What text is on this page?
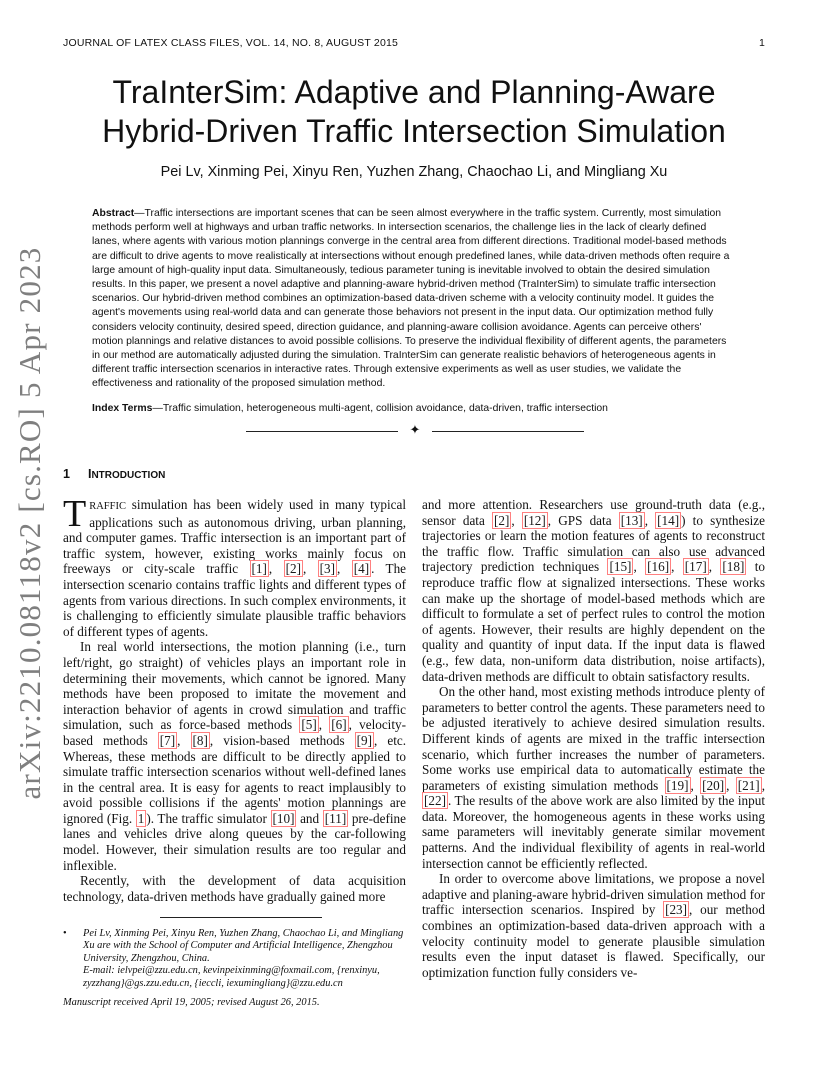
JOURNAL OF LATEX CLASS FILES, VOL. 14, NO. 8, AUGUST 2015	1
arXiv:2210.08118v2 [cs.RO] 5 Apr 2023
TraInterSim: Adaptive and Planning-Aware
Hybrid-Driven Traffic Intersection Simulation
Pei Lv, Xinming Pei, Xinyu Ren, Yuzhen Zhang, Chaochao Li, and Mingliang Xu
Abstract—Traffic intersections are important scenes that can be seen almost everywhere in the traffic system. Currently, most simulation methods perform well at highways and urban traffic networks. In intersection scenarios, the challenge lies in the lack of clearly defined lanes, where agents with various motion plannings converge in the central area from different directions. Traditional model-based methods are difficult to drive agents to move realistically at intersections without enough predefined lanes, while data-driven methods often require a large amount of high-quality input data. Simultaneously, tedious parameter tuning is inevitable involved to obtain the desired simulation results. In this paper, we present a novel adaptive and planning-aware hybrid-driven method (TraInterSim) to simulate traffic intersection scenarios. Our hybrid-driven method combines an optimization-based data-driven scheme with a velocity continuity model. It guides the agent's movements using real-world data and can generate those behaviors not present in the input data. Our optimization method fully considers velocity continuity, desired speed, direction guidance, and planning-aware collision avoidance. Agents can perceive others' motion plannings and relative distances to avoid possible collisions. To preserve the individual flexibility of different agents, the parameters in our method are automatically adjusted during the simulation. TraInterSim can generate realistic behaviors of heterogeneous agents in different traffic intersection scenarios in interactive rates. Through extensive experiments as well as user studies, we validate the effectiveness and rationality of the proposed simulation method.
Index Terms—Traffic simulation, heterogeneous multi-agent, collision avoidance, data-driven, traffic intersection
✦
1 INTRODUCTION

TRAFFIC simulation has been widely used in many typical applications such as autonomous driving, urban planning, and computer games. Traffic intersection is an important part of traffic system, however, existing works mainly focus on freeways or city-scale traffic [1] , [2] , [3] , [4] . The intersection scenario contains traffic lights and different types of agents from various directions. In such complex environments, it is challenging to efficiently simulate plausible traffic behaviors of different types of agents.

In real world intersections, the motion planning (i.e., turn left/right, go straight) of vehicles plays an important role in determining their movements, which cannot be ignored. Many methods have been proposed to imitate the movement and interaction behavior of agents in crowd simulation and traffic simulation, such as force-based methods [5] , [6] , velocity-based methods [7] , [8] , vision-based methods [9] , etc. Whereas, these methods are difficult to be directly applied to simulate traffic intersection scenarios without well-defined lanes in the central area. It is easy for agents to react implausibly to avoid possible collisions if the agents' motion plannings are ignored (Fig. 1 ). The traffic simulator [10] and [11] pre-define lanes and vehicles drive along queues by the car-following model. However, their simulation results are too regular and inflexible.

Recently, with the development of data acquisition technology, data-driven methods have gradually gained more

and more attention. Researchers use ground-truth data (e.g., sensor data [2] , [12] , GPS data [13] , [14] ) to synthesize trajectories or learn the motion features of agents to reconstruct the traffic flow. Traffic simulation can also use advanced trajectory prediction techniques [15] , [16] , [17] , [18] to reproduce traffic flow at signalized intersections. These works can make up the shortage of model-based methods which are difficult to formulate a set of perfect rules to control the motion of agents. However, their results are highly dependent on the quality and quantity of input data. If the input data is flawed (e.g., few data, non-uniform data distribution, noise artifacts), data-driven methods are difficult to obtain satisfactory results.

On the other hand, most existing methods introduce plenty of parameters to better control the agents. These parameters need to be adjusted iteratively to achieve desired simulation results. Different kinds of agents are mixed in the traffic intersection scenario, which further increases the number of parameters. Some works use empirical data to automatically estimate the parameters of existing simulation methods [19] , [20] , [21] , [22] . The results of the above work are also limited by the input data. Moreover, the homogeneous agents in these works using same parameters will inevitably generate similar movement patterns. And the individual flexibility of agents in real-world intersection cannot be efficiently reflected.

In order to overcome above limitations, we propose a novel adaptive and planing-aware hybrid-driven simulation method for traffic intersection scenarios. Inspired by [23] , our method combines an optimization-based data-driven approach with a velocity continuity model to generate plausible simulation results even the input dataset is flawed. Specifically, our optimization function fully considers ve-

• Pei Lv, Xinming Pei, Xinyu Ren, Yuzhen Zhang, Chaochao Li, and Mingliang Xu are with the School of Computer and Artificial Intelligence, Zhengzhou University, Zhengzhou, China.
E-mail: ielvpei@zzu.edu.cn, kevinpeixinming@foxmail.com, {renxinyu, zyzzhang}@gs.zzu.edu.cn, {ieccli, iexumingliang}@zzu.edu.cn
Manuscript received April 19, 2005; revised August 26, 2015.
